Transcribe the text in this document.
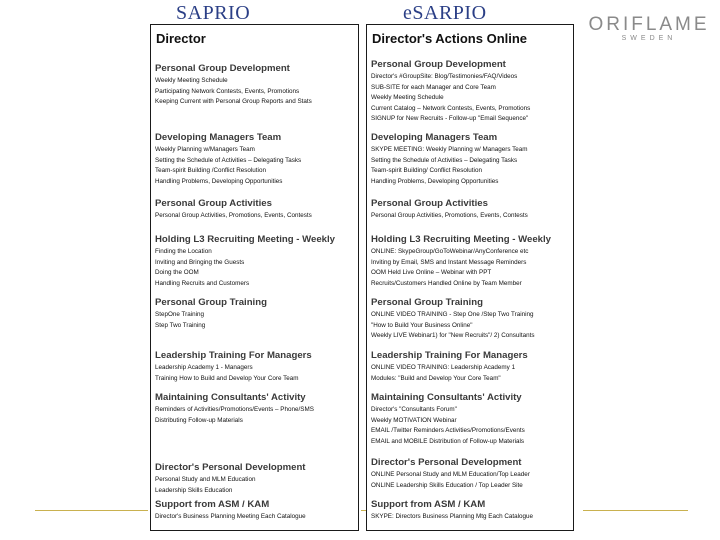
SAPRIO	eSARPIO
ORIFLAME
SWEDEN
Director
Personal Group Development
Weekly Meeting Schedule
Participating Network Contests, Events, Promotions
Keeping Current with Personal Group Reports and Stats
Developing Managers Team
Weekly Planning w/Managers Team
Setting the Schedule of Activities – Delegating Tasks
Team-spirit Building /Conflict Resolution
Handling Problems, Developing Opportunities
Personal Group Activities
Personal Group Activities, Promotions, Events, Contests
Holding L3 Recruiting Meeting - Weekly
Finding the Location
Inviting and Bringing the Guests
Doing the OOM
Handling Recruits and Customers
Personal Group Training
StepOne Training
Step Two Training
Leadership Training For Managers
Leadership Academy 1 - Managers
Training How to Build and Develop Your Core Team
Maintaining Consultants' Activity
Reminders of Activities/Promotions/Events – Phone/SMS
Distributing Follow-up Materials
Director's Personal Development
Personal Study and MLM Education
Leadership Skills Education
Support from ASM / KAM
Director's Business Planning Meeting Each Catalogue
Director's Actions Online
Personal Group Development
Director's #GroupSite: Blog/Testimonies/FAQ/Videos
SUB-SITE for each Manager and Core Team
Weekly Meeting Schedule
Current Catalog – Network Contests, Events, Promotions
SIGNUP for New Recruits - Follow-up "Email Sequence"
Developing Managers Team
SKYPE MEETING: Weekly Planning w/ Managers Team
Setting the Schedule of Activities – Delegating Tasks
Team-spirit Building/ Conflict Resolution
Handling Problems, Developing Opportunities
Personal Group Activities
Personal Group Activities, Promotions, Events, Contests
Holding L3 Recruiting Meeting - Weekly
ONLINE: SkypeGroup/GoToWebinar/AnyConference etc
Inviting by Email, SMS and Instant Message Reminders
OOM Held Live Online – Webinar with PPT
Recruits/Customers Handled Online by Team Member
Personal Group Training
ONLINE VIDEO TRAINING - Step One /Step Two Training
"How to Build Your Business Online"
Weekly LIVE Webinar1) for "New Recruits"/ 2) Consultants
Leadership Training For Managers
ONLINE VIDEO TRAINING: Leadership Academy 1
Modules: "Build and Develop Your Core Team"
Maintaining Consultants' Activity
Director's "Consultants Forum"
Weekly MOTIVATION Webinar
EMAIL /Twitter Reminders Activities/Promotions/Events
EMAIL and MOBILE Distribution of Follow-up Materials
Director's Personal Development
ONLINE Personal Study and MLM Education/Top Leader
ONLINE Leadership Skills Education / Top Leader Site
Support from ASM / KAM
SKYPE: Directors Business Planning Mtg Each Catalogue
